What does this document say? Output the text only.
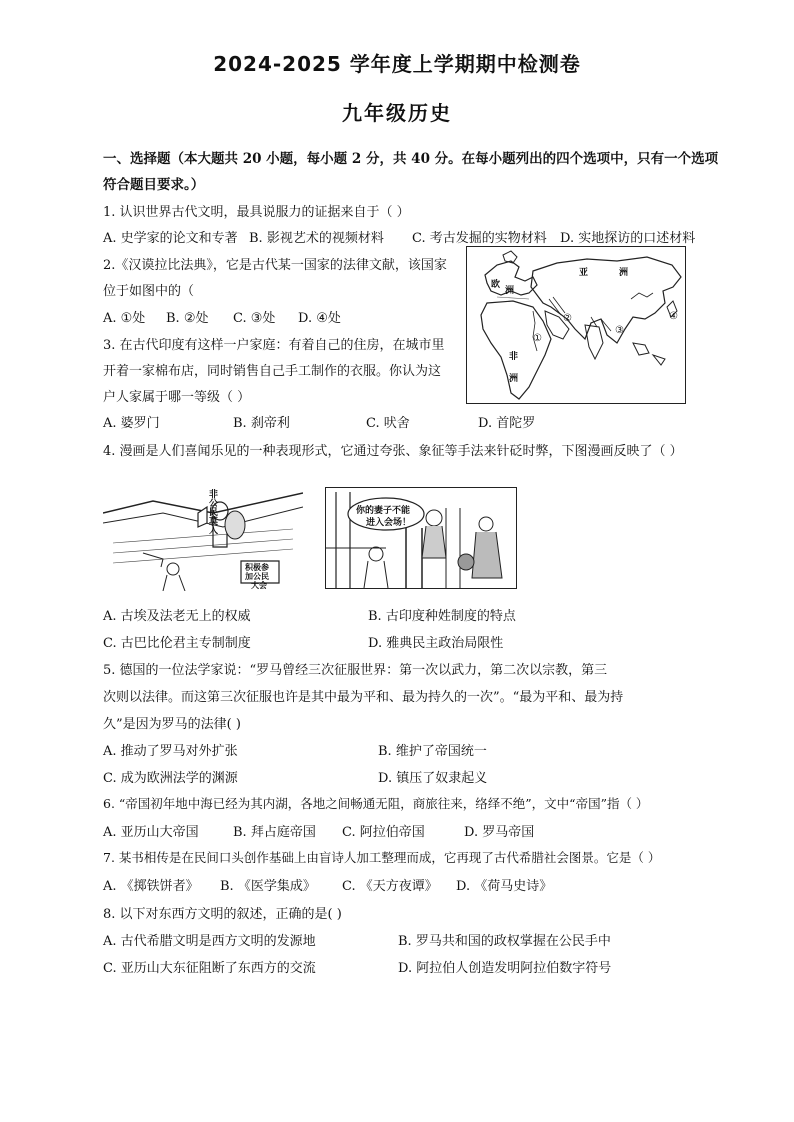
2024-2025 学年度上学期期中检测卷
九年级历史
一、选择题（本大题共 20 小题，每小题 2 分，共 40 分。在每小题列出的四个选项中，只有一个选项
符合题目要求。）
1. 认识世界古代文明，最具说服力的证据来自于（ ）
A. 史学家的论文和专著 B. 影视艺术的视频材料 C. 考古发掘的实物材料 D. 实地探访的口述材料
2.《汉谟拉比法典》，它是古代某一国家的法律文献，该国家
位于如图中的（
A. ①处 B. ②处 C. ③处 D. ④处
亚	洲
欧
洲
非
洲
①
②
③
④
3. 在古代印度有这样一户家庭：有着自己的住房，在城市里
开着一家棉布店，同时销售自己手工制作的衣服。你认为这
户人家属于哪一等级（ ）
A. 婆罗门	B. 刹帝利	C. 吠舍	D. 首陀罗
4. 漫画是人们喜闻乐见的一种表现形式，它通过夸张、象征等手法来针砭时弊，下图漫画反映了（ ）
非公民莫入
积极参
加公民
大会
你的妻子不能
进入会场！
A. 古埃及法老无上的权威	B. 古印度种姓制度的特点
C. 古巴比伦君主专制制度	D. 雅典民主政治局限性
5. 德国的一位法学家说：“罗马曾经三次征服世界：第一次以武力，第二次以宗教，第三
次则以法律。而这第三次征服也许是其中最为平和、最为持久的一次”。“最为平和、最为持
久”是因为罗马的法律( )
A. 推动了罗马对外扩张	B. 维护了帝国统一
C. 成为欧洲法学的渊源	D. 镇压了奴隶起义
6. “帝国初年地中海已经为其内湖，各地之间畅通无阻，商旅往来，络绎不绝”，文中“帝国”指（ ）
A. 亚历山大帝国	B. 拜占庭帝国 C. 阿拉伯帝国	D. 罗马帝国
7. 某书相传是在民间口头创作基础上由盲诗人加工整理而成，它再现了古代希腊社会图景。它是（ ）
A. 《掷铁饼者》 B. 《医学集成》 C. 《天方夜谭》 D. 《荷马史诗》
8. 以下对东西方文明的叙述，正确的是( )
A. 古代希腊文明是西方文明的发源地	B. 罗马共和国的政权掌握在公民手中
C. 亚历山大东征阻断了东西方的交流	D. 阿拉伯人创造发明阿拉伯数字符号
